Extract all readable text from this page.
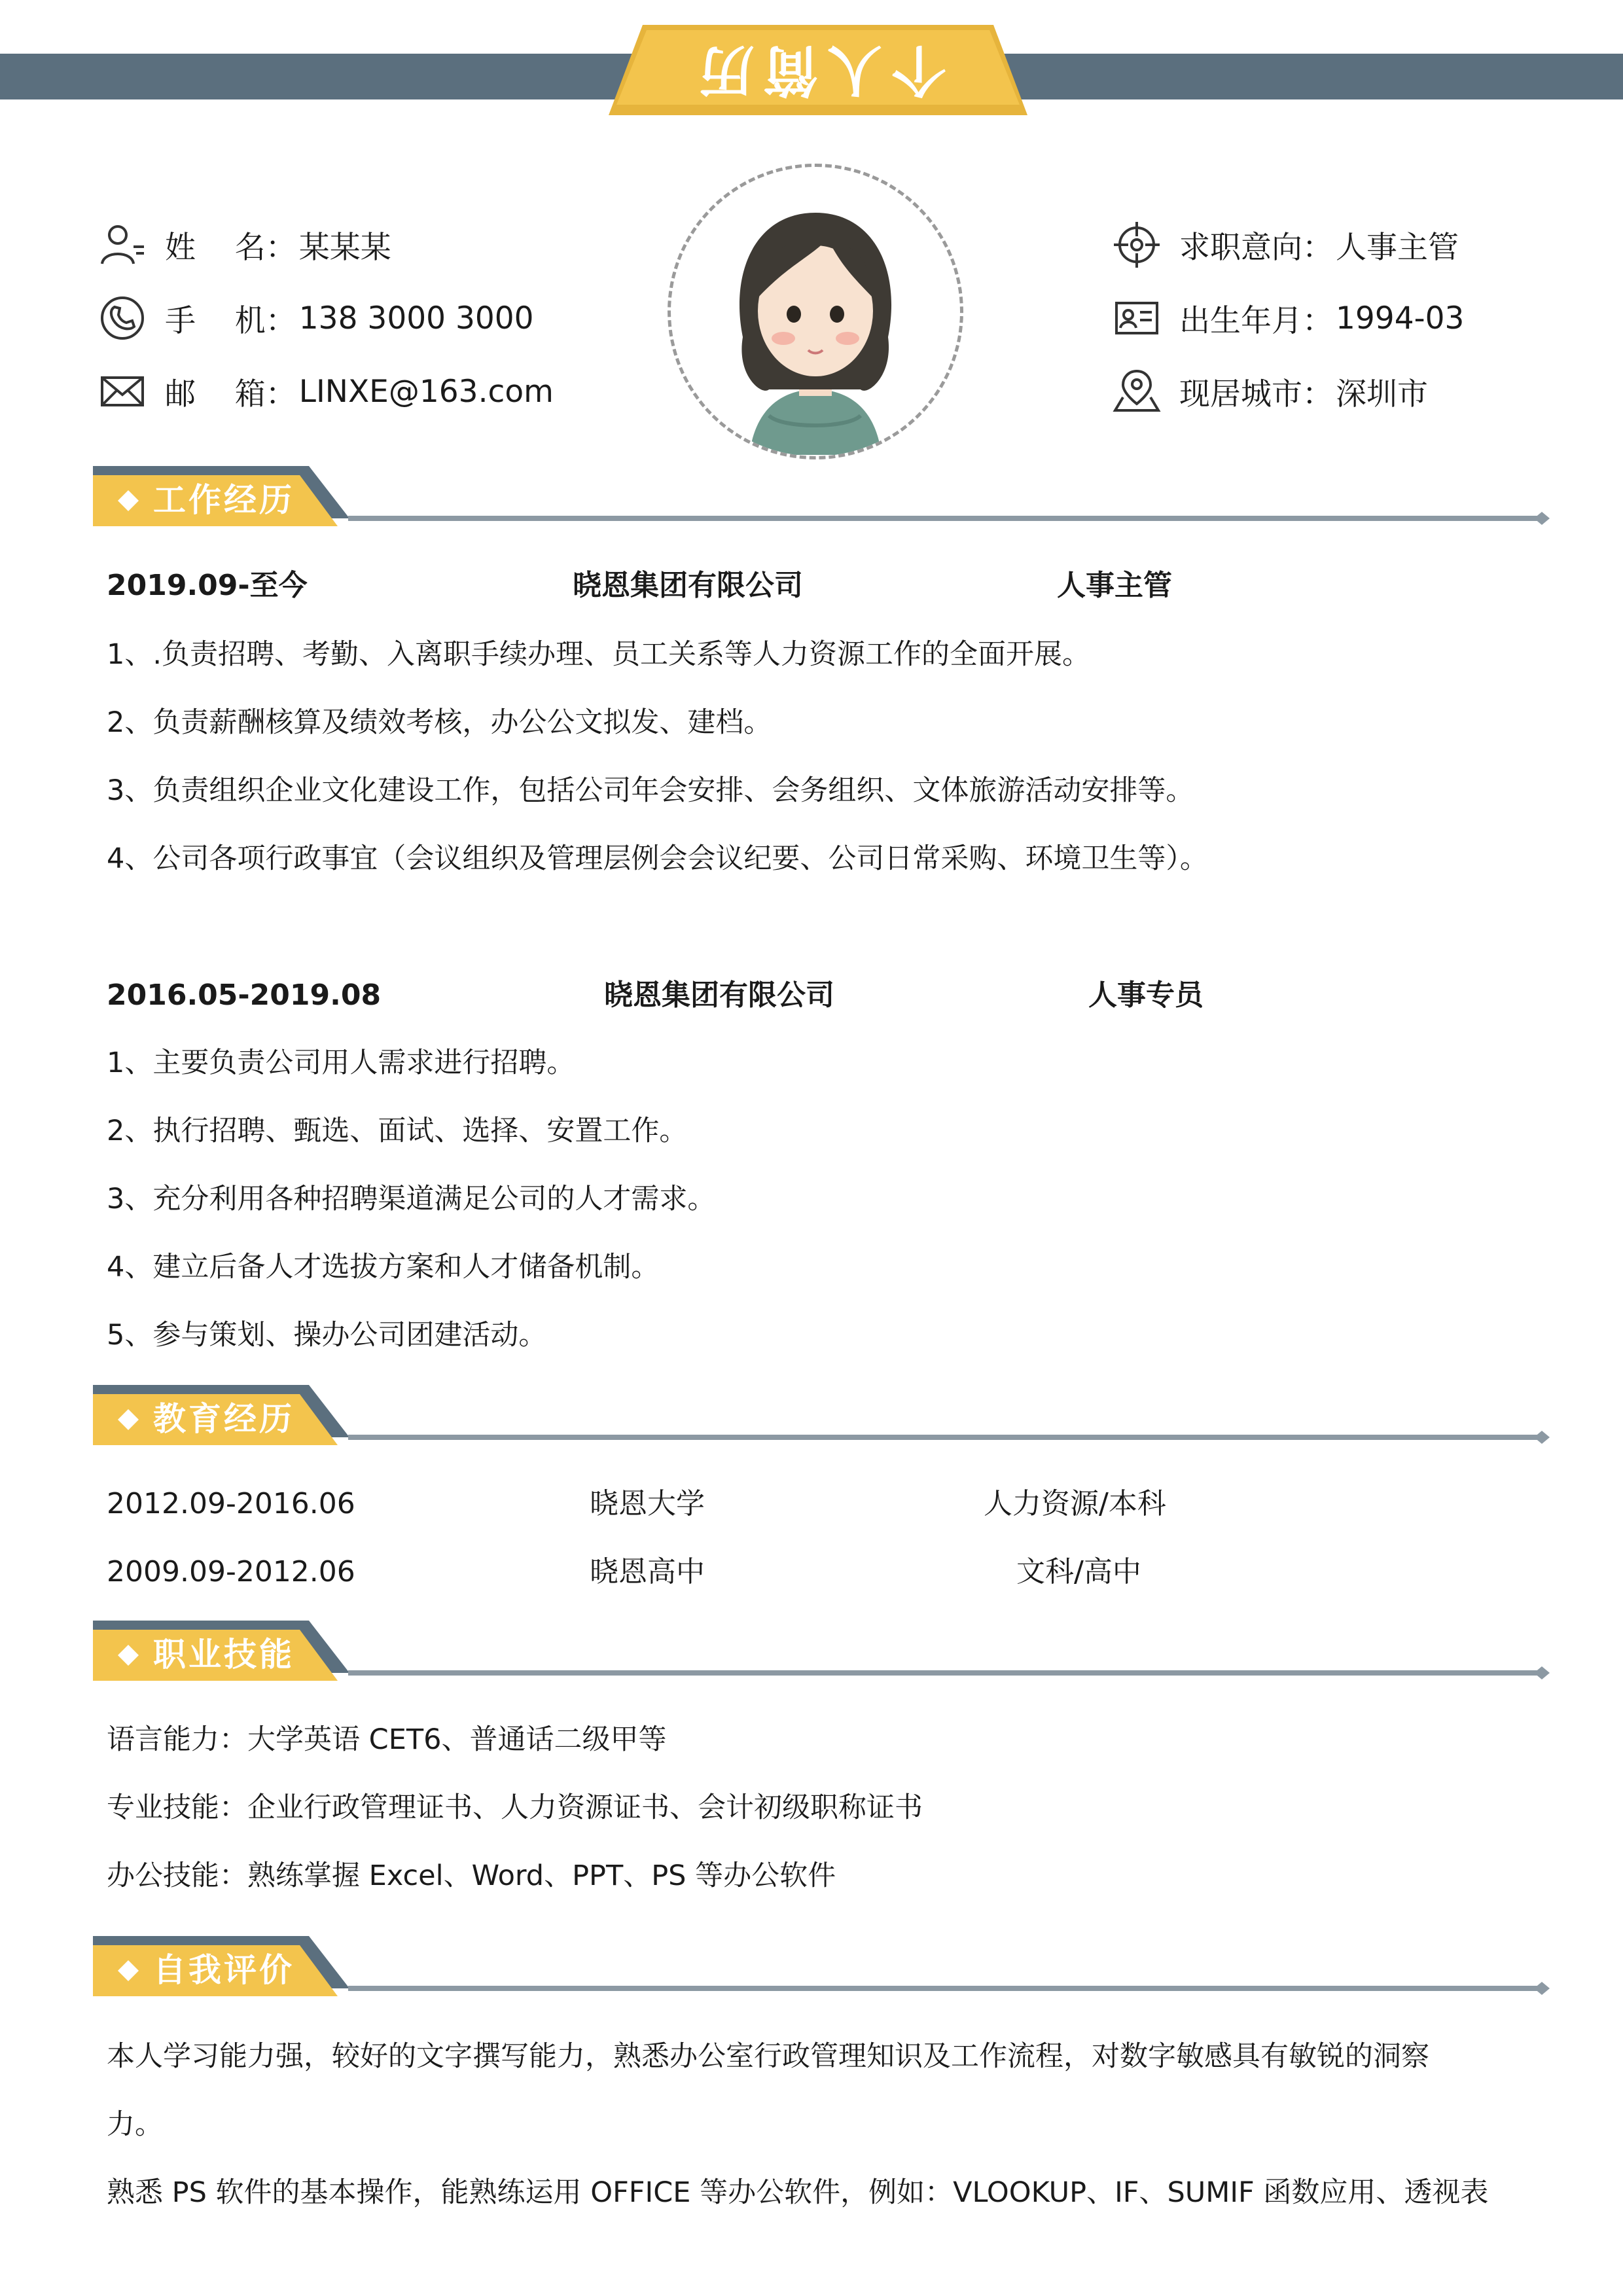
个人简历
姓    名： 某某某
手    机： 138 3000 3000
邮    箱： LINXE@163.com
求职意向： 人事主管
出生年月： 1994-03
现居城市： 深圳市
工作经历
2019.09-至今	晓恩集团有限公司	人事主管
1、.负责招聘、考勤、入离职手续办理、员工关系等人力资源工作的全面开展。
2、负责薪酬核算及绩效考核，办公公文拟发、建档。
3、负责组织企业文化建设工作，包括公司年会安排、会务组织、文体旅游活动安排等。
4、公司各项行政事宜（会议组织及管理层例会会议纪要、公司日常采购、环境卫生等）。
2016.05-2019.08	晓恩集团有限公司	人事专员
1、主要负责公司用人需求进行招聘。
2、执行招聘、甄选、面试、选择、安置工作。
3、充分利用各种招聘渠道满足公司的人才需求。
4、建立后备人才选拔方案和人才储备机制。
5、参与策划、操办公司团建活动。
教育经历
2012.09-2016.06	晓恩大学	人力资源/本科
2009.09-2012.06	晓恩高中	文科/高中
职业技能
语言能力：大学英语 CET6、普通话二级甲等
专业技能：企业行政管理证书、人力资源证书、会计初级职称证书
办公技能：熟练掌握 Excel、Word、PPT、PS 等办公软件
自我评价
本人学习能力强，较好的文字撰写能力，熟悉办公室行政管理知识及工作流程，对数字敏感具有敏锐的洞察
力。
熟悉 PS 软件的基本操作，能熟练运用 OFFICE 等办公软件，例如：VLOOKUP、IF、SUMIF 函数应用、透视表
